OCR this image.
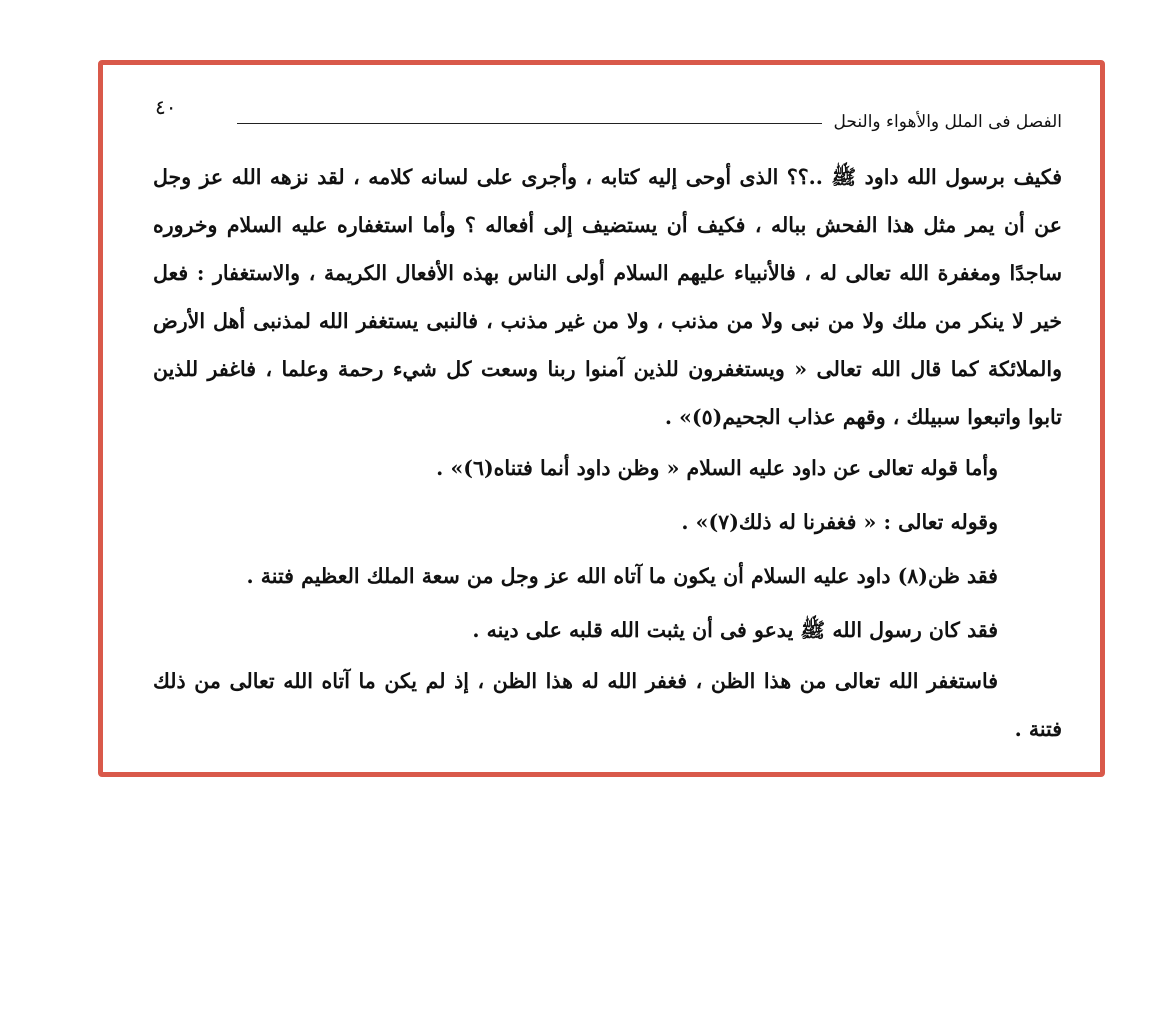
٤٠
الفصل فى الملل والأهواء والنحل

فكيف برسول الله داود ﷺ ..؟؟ الذى أوحى إليه كتابه ، وأجرى على لسانه كلامه ، لقد نزهه الله عز وجل عن أن يمر مثل هذا الفحش بباله ، فكيف أن يستضيف إلى أفعاله ؟ وأما استغفاره عليه السلام وخروره ساجدًا ومغفرة الله تعالى له ، فالأنبياء عليهم السلام أولى الناس بهذه الأفعال الكريمة ، والاستغفار : فعل خير لا ينكر من ملك ولا من نبى ولا من مذنب ، ولا من غير مذنب ، فالنبى يستغفر الله لمذنبى أهل الأرض والملائكة كما قال الله تعالى « ويستغفرون للذين آمنوا ربنا وسعت كل شيء رحمة وعلما ، فاغفر للذين تابوا واتبعوا سبيلك ، وقهم عذاب الجحيم(٥)» .

وأما قوله تعالى عن داود عليه السلام « وظن داود أنما فتناه(٦)» .

وقوله تعالى : « فغفرنا له ذلك(٧)» .

فقد ظن(٨) داود عليه السلام أن يكون ما آتاه الله عز وجل من سعة الملك العظيم فتنة .

فقد كان رسول الله ﷺ يدعو فى أن يثبت الله قلبه على دينه .

فاستغفر الله تعالى من هذا الظن ، فغفر الله له هذا الظن ، إذ لم يكن ما آتاه الله تعالى من ذلك فتنة .
